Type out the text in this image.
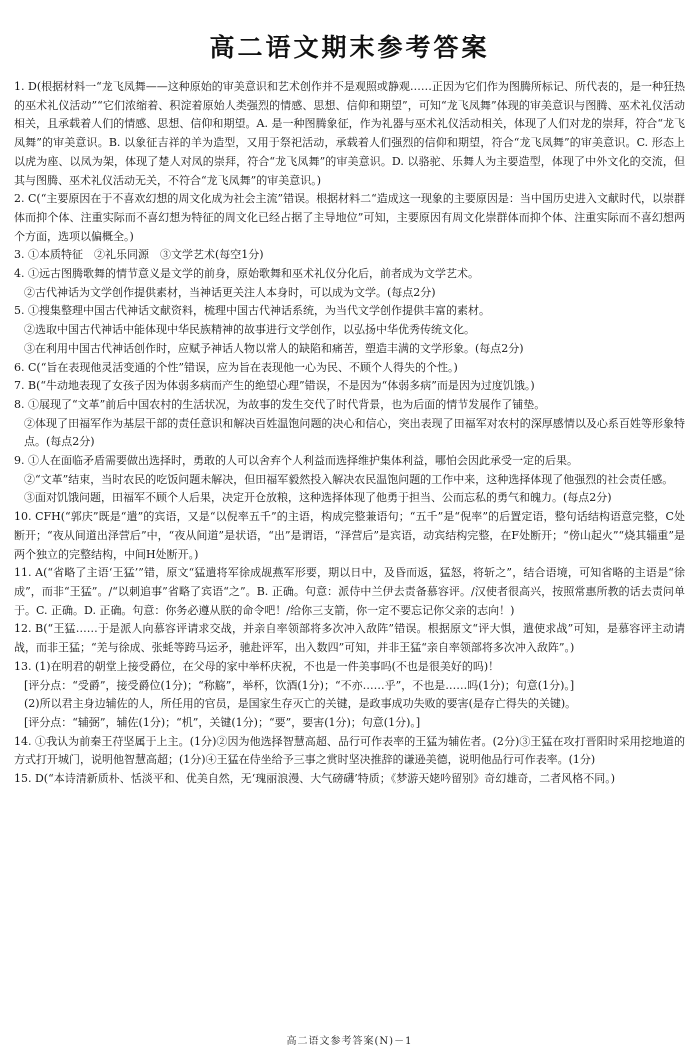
高二语文期末参考答案

1. D(根据材料一“龙飞凤舞——这种原始的审美意识和艺术创作并不是观照或静观……正因为它们作为图腾所标记、所代表的，是一种狂热的巫术礼仪活动”“它们浓缩着、积淀着原始人类强烈的情感、思想、信仰和期望”，可知“龙飞凤舞”体现的审美意识与图腾、巫术礼仪活动相关，且承载着人们的情感、思想、信仰和期望。A. 是一种图腾象征，作为礼器与巫术礼仪活动相关，体现了人们对龙的崇拜，符合“龙飞凤舞”的审美意识。B. 以象征吉祥的羊为造型，又用于祭祀活动，承载着人们强烈的信仰和期望，符合“龙飞凤舞”的审美意识。C. 形态上以虎为座、以凤为架，体现了楚人对凤的崇拜，符合“龙飞凤舞”的审美意识。D. 以骆驼、乐舞人为主要造型，体现了中外文化的交流，但其与图腾、巫术礼仪活动无关，不符合“龙飞凤舞”的审美意识。)

2. C(“主要原因在于不喜欢幻想的周文化成为社会主流”错误。根据材料二“造成这一现象的主要原因是：当中国历史进入文献时代，以崇群体而抑个体、注重实际而不喜幻想为特征的周文化已经占据了主导地位”可知，主要原因有周文化崇群体而抑个体、注重实际而不喜幻想两个方面，选项以偏概全。)

3. ①本质特征　②礼乐同源　③文学艺术(每空1分)

4. ①远古图腾歌舞的情节意义是文学的前身，原始歌舞和巫术礼仪分化后，前者成为文学艺术。

②古代神话为文学创作提供素材，当神话更关注人本身时，可以成为文学。(每点2分)

5. ①搜集整理中国古代神话文献资料，梳理中国古代神话系统，为当代文学创作提供丰富的素材。

②选取中国古代神话中能体现中华民族精神的故事进行文学创作，以弘扬中华优秀传统文化。

③在利用中国古代神话创作时，应赋予神话人物以常人的缺陷和痛苦，塑造丰满的文学形象。(每点2分)

6. C(“旨在表现他灵活变通的个性”错误，应为旨在表现他一心为民、不顾个人得失的个性。)

7. B(“牛动地表现了女孩子因为体弱多病而产生的绝望心理”错误，不是因为“体弱多病”而是因为过度饥饿。)

8. ①展现了“文革”前后中国农村的生活状况，为故事的发生交代了时代背景，也为后面的情节发展作了铺垫。

②体现了田福军作为基层干部的责任意识和解决百姓温饱问题的决心和信心，突出表现了田福军对农村的深厚感情以及心系百姓等形象特点。(每点2分)

9. ①人在面临矛盾需要做出选择时，勇敢的人可以舍弃个人利益而选择维护集体利益，哪怕会因此承受一定的后果。

②“文革”结束，当时农民的吃饭问题未解决，但田福军毅然投入解决农民温饱问题的工作中来，这种选择体现了他强烈的社会责任感。

③面对饥饿问题，田福军不顾个人后果，决定开仓放粮，这种选择体现了他勇于担当、公而忘私的勇气和魄力。(每点2分)

10. CFH(“郭庆”既是“遣”的宾语，又是“以倪率五千”的主语，构成完整兼语句；“五千”是“倪率”的后置定语，整句话结构语意完整，C处断开；“夜从间道出泽营后”中，“夜从间道”是状语，“出”是谓语，“泽营后”是宾语，动宾结构完整，在F处断开；“傍山起火”“烧其辎重”是两个独立的完整结构，中间H处断开。)

11. A(“省略了主语‘王猛’”错，原文“猛遣将军徐成觇燕军形要，期以日中，及昏而返，猛怒，将斩之”，结合语境，可知省略的主语是“徐成”，而非“王猛”。/“以刺追事”省略了宾语“之”。B. 正确。句意：派侍中兰伊去责备慕容评。/汉使者很高兴，按照常惠所教的话去责问单于。C. 正确。D. 正确。句意：你务必遵从朕的命令吧！/给你三支箭，你一定不要忘记你父亲的志向！)

12. B(“王猛……于是派人向慕容评请求交战，并亲自率领部将多次冲入敌阵”错误。根据原文“评大惧，遣使求战”可知，是慕容评主动请战，而非王猛；“羌与徐成、张蚝等跨马运矛，驰赴评军，出入数四”可知，并非王猛“亲自率领部将多次冲入敌阵”。)

13. (1)在明君的朝堂上接受爵位，在父母的家中举杯庆祝，不也是一件美事吗(不也是很美好的吗)！

[评分点：“受爵”，接受爵位(1分)；“称觞”，举杯，饮酒(1分)；“不亦……乎”，不也是……吗(1分)；句意(1分)。]

(2)所以君主身边辅佐的人，所任用的官员，是国家生存灭亡的关键，是政事成功失败的要害(是存亡得失的关键)。

[评分点：“辅弼”，辅佐(1分)；“机”，关键(1分)；“要”，要害(1分)；句意(1分)。]

14. ①我认为前秦王苻坚属于上主。(1分)②因为他选择智慧高超、品行可作表率的王猛为辅佐者。(2分)③王猛在攻打晋阳时采用挖地道的方式打开城门，说明他智慧高超；(1分)④王猛在侍坐给予三事之赏时坚决推辞的谦逊美德，说明他品行可作表率。(1分)

15. D(“本诗清新质朴、恬淡平和、优美自然，无‘瑰丽浪漫、大气磅礴’特质；《梦游天姥吟留别》奇幻雄奇，二者风格不同。)

高二语文参考答案(N)－1
